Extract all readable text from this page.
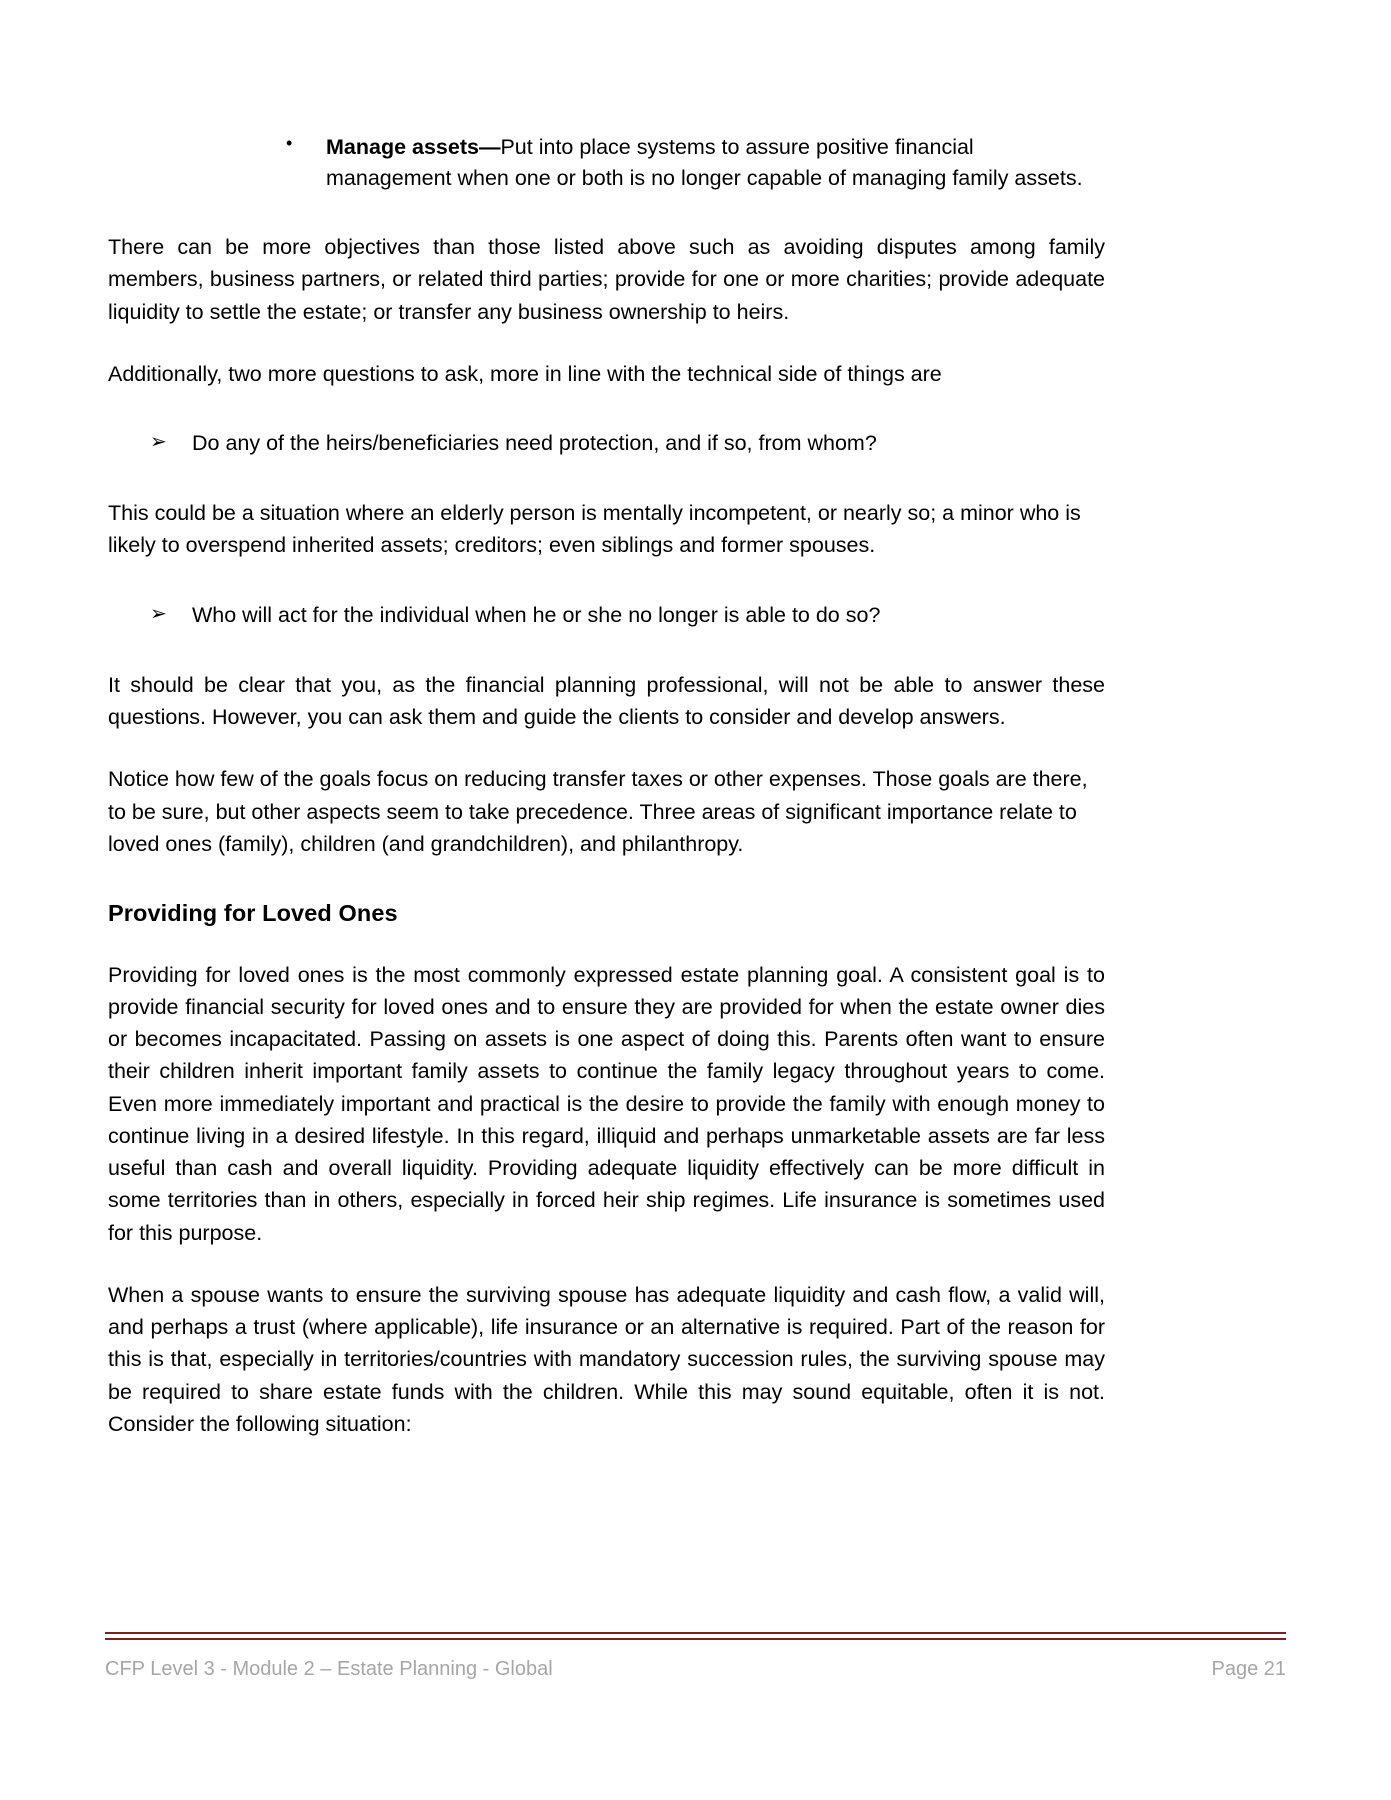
• Manage assets—Put into place systems to assure positive financial management when one or both is no longer capable of managing family assets.

There can be more objectives than those listed above such as avoiding disputes among family members, business partners, or related third parties; provide for one or more charities; provide adequate liquidity to settle the estate; or transfer any business ownership to heirs.

Additionally, two more questions to ask, more in line with the technical side of things are

➢ Do any of the heirs/beneficiaries need protection, and if so, from whom?

This could be a situation where an elderly person is mentally incompetent, or nearly so; a minor who is likely to overspend inherited assets; creditors; even siblings and former spouses.

➢ Who will act for the individual when he or she no longer is able to do so?

It should be clear that you, as the financial planning professional, will not be able to answer these questions. However, you can ask them and guide the clients to consider and develop answers.

Notice how few of the goals focus on reducing transfer taxes or other expenses. Those goals are there, to be sure, but other aspects seem to take precedence. Three areas of significant importance relate to loved ones (family), children (and grandchildren), and philanthropy.

Providing for Loved Ones

Providing for loved ones is the most commonly expressed estate planning goal. A consistent goal is to provide financial security for loved ones and to ensure they are provided for when the estate owner dies or becomes incapacitated. Passing on assets is one aspect of doing this. Parents often want to ensure their children inherit important family assets to continue the family legacy throughout years to come. Even more immediately important and practical is the desire to provide the family with enough money to continue living in a desired lifestyle. In this regard, illiquid and perhaps unmarketable assets are far less useful than cash and overall liquidity. Providing adequate liquidity effectively can be more difficult in some territories than in others, especially in forced heir ship regimes. Life insurance is sometimes used for this purpose.

When a spouse wants to ensure the surviving spouse has adequate liquidity and cash flow, a valid will, and perhaps a trust (where applicable), life insurance or an alternative is required. Part of the reason for this is that, especially in territories/countries with mandatory succession rules, the surviving spouse may be required to share estate funds with the children. While this may sound equitable, often it is not. Consider the following situation:

CFP Level 3 - Module 2 – Estate Planning - Global	Page 21
